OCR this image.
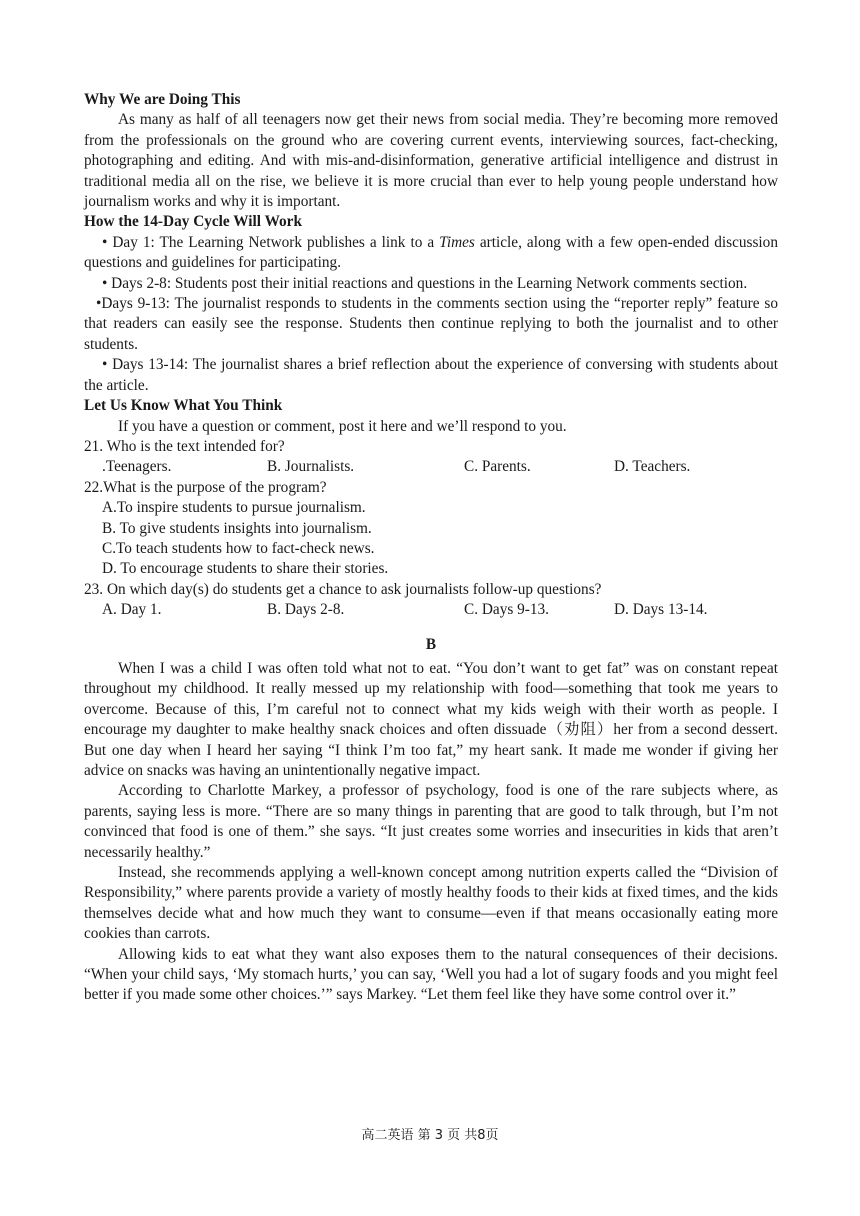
Why We are Doing This

As many as half of all teenagers now get their news from social media. They’re becoming more removed from the professionals on the ground who are covering current events, interviewing sources, fact-checking, photographing and editing. And with mis-and-disinformation, generative artificial intelligence and distrust in traditional media all on the rise, we believe it is more crucial than ever to help young people understand how journalism works and why it is important.

How the 14-Day Cycle Will Work

• Day 1: The Learning Network publishes a link to a Times article, along with a few open-ended discussion questions and guidelines for participating.

• Days 2-8: Students post their initial reactions and questions in the Learning Network comments section.

•Days 9-13: The journalist responds to students in the comments section using the “reporter reply” feature so that readers can easily see the response. Students then continue replying to both the journalist and to other students.

• Days 13-14: The journalist shares a brief reflection about the experience of conversing with students about the article.

Let Us Know What You Think

If you have a question or comment, post it here and we’ll respond to you.

21. Who is the text intended for?

.Teenagers.	B. Journalists.	C. Parents.	D. Teachers.

22.What is the purpose of the program?

A.To inspire students to pursue journalism.

B. To give students insights into journalism.

C.To teach students how to fact-check news.

D. To encourage students to share their stories.

23. On which day(s) do students get a chance to ask journalists follow-up questions?

A. Day 1.	B. Days 2-8.	C. Days 9-13.	D. Days 13-14.

B

When I was a child I was often told what not to eat. “You don’t want to get fat” was on constant repeat throughout my childhood. It really messed up my relationship with food—something that took me years to overcome. Because of this, I’m careful not to connect what my kids weigh with their worth as people. I encourage my daughter to make healthy snack choices and often dissuade（劝阻）her from a second dessert. But one day when I heard her saying “I think I’m too fat,” my heart sank. It made me wonder if giving her advice on snacks was having an unintentionally negative impact.

According to Charlotte Markey, a professor of psychology, food is one of the rare subjects where, as parents, saying less is more. “There are so many things in parenting that are good to talk through, but I’m not convinced that food is one of them.” she says. “It just creates some worries and insecurities in kids that aren’t necessarily healthy.”

Instead, she recommends applying a well-known concept among nutrition experts called the “Division of Responsibility,” where parents provide a variety of mostly healthy foods to their kids at fixed times, and the kids themselves decide what and how much they want to consume—even if that means occasionally eating more cookies than carrots.

Allowing kids to eat what they want also exposes them to the natural consequences of their decisions. “When your child says, ‘My stomach hurts,’ you can say, ‘Well you had a lot of sugary foods and you might feel better if you made some other choices.’” says Markey. “Let them feel like they have some control over it.”

高二英语 第 3 页 共8页
